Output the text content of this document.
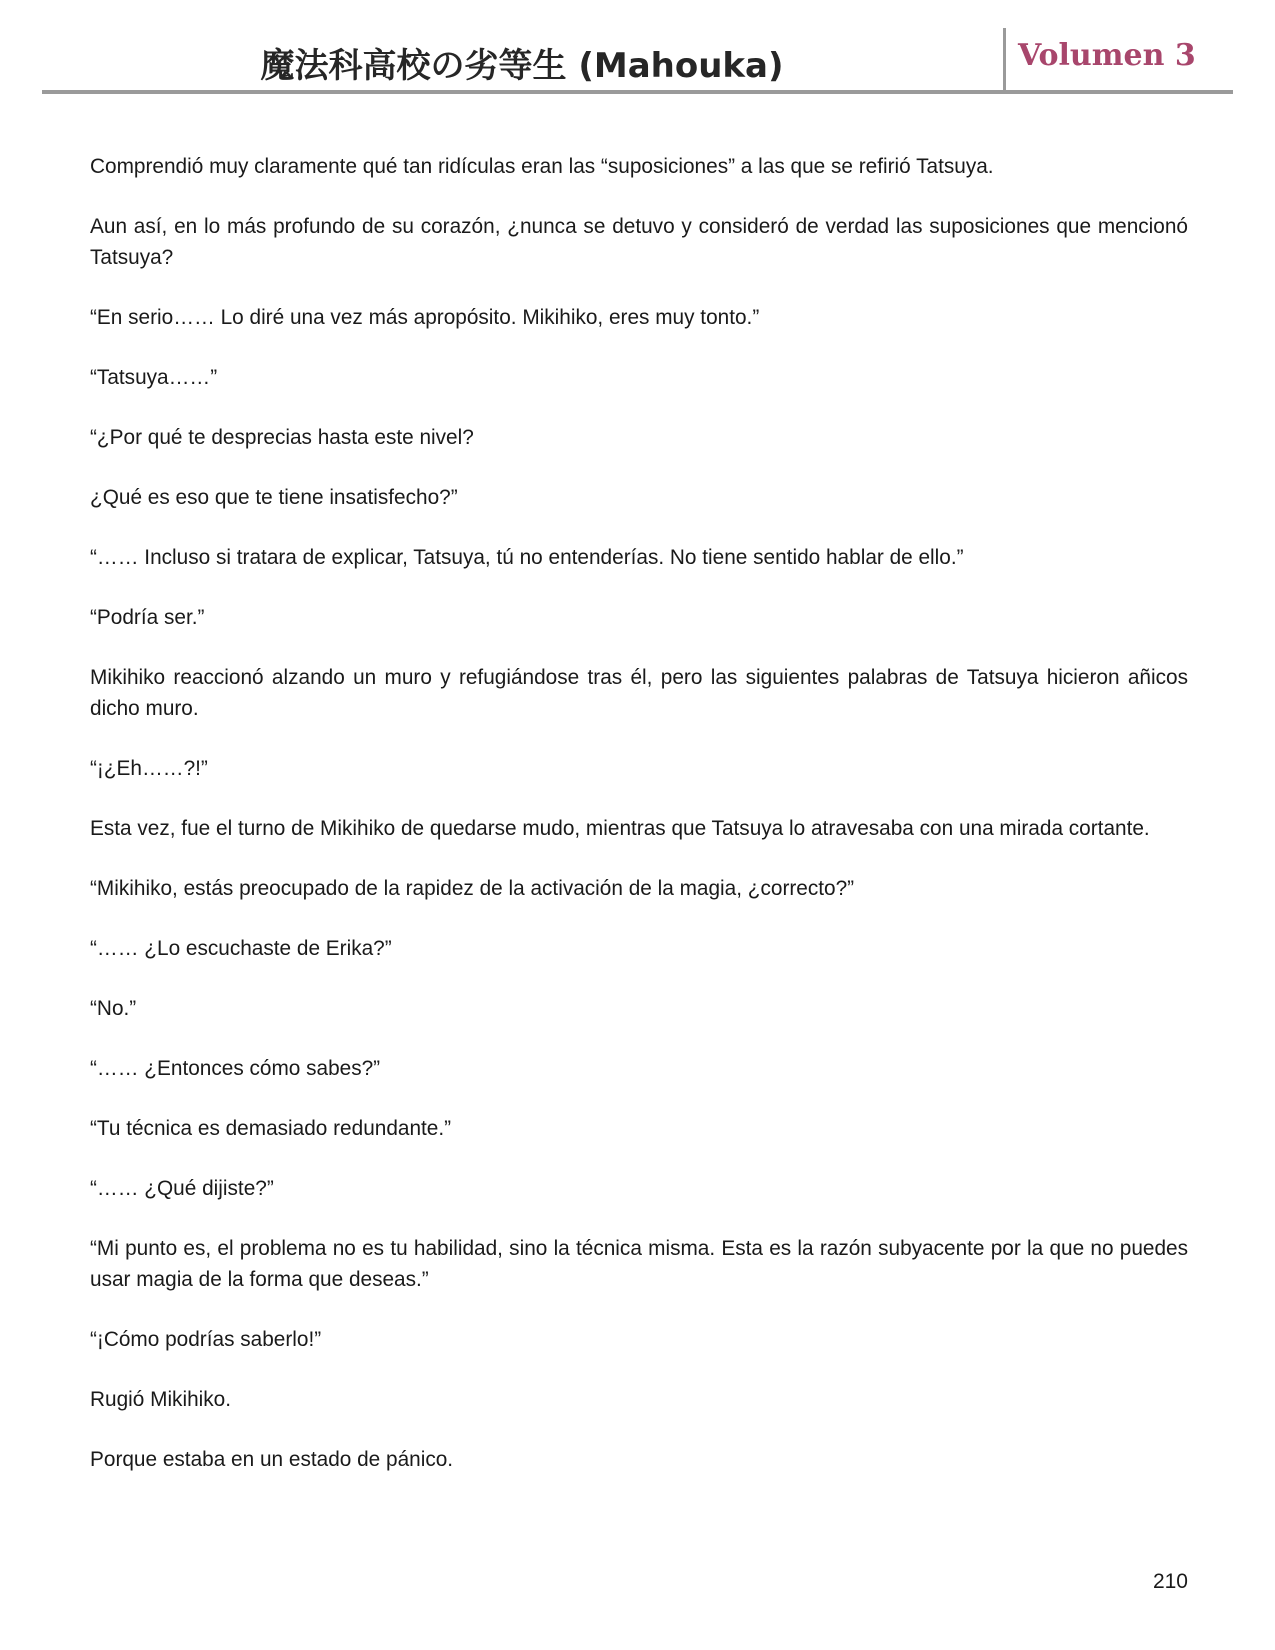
魔法科高校の劣等生 (Mahouka)	Volumen 3

Comprendió muy claramente qué tan ridículas eran las “suposiciones” a las que se refirió Tatsuya.

Aun así, en lo más profundo de su corazón, ¿nunca se detuvo y consideró de verdad las suposiciones que mencionó Tatsuya?

“En serio…… Lo diré una vez más apropósito. Mikihiko, eres muy tonto.”

“Tatsuya……”

“¿Por qué te desprecias hasta este nivel?

¿Qué es eso que te tiene insatisfecho?”

“…… Incluso si tratara de explicar, Tatsuya, tú no entenderías. No tiene sentido hablar de ello.”

“Podría ser.”

Mikihiko reaccionó alzando un muro y refugiándose tras él, pero las siguientes palabras de Tatsuya hicieron añicos dicho muro.

“¡¿Eh……?!”

Esta vez, fue el turno de Mikihiko de quedarse mudo, mientras que Tatsuya lo atravesaba con una mirada cortante.

“Mikihiko, estás preocupado de la rapidez de la activación de la magia, ¿correcto?”

“…… ¿Lo escuchaste de Erika?”

“No.”

“…… ¿Entonces cómo sabes?”

“Tu técnica es demasiado redundante.”

“…… ¿Qué dijiste?”

“Mi punto es, el problema no es tu habilidad, sino la técnica misma. Esta es la razón subyacente por la que no puedes usar magia de la forma que deseas.”

“¡Cómo podrías saberlo!”

Rugió Mikihiko.

Porque estaba en un estado de pánico.

210
